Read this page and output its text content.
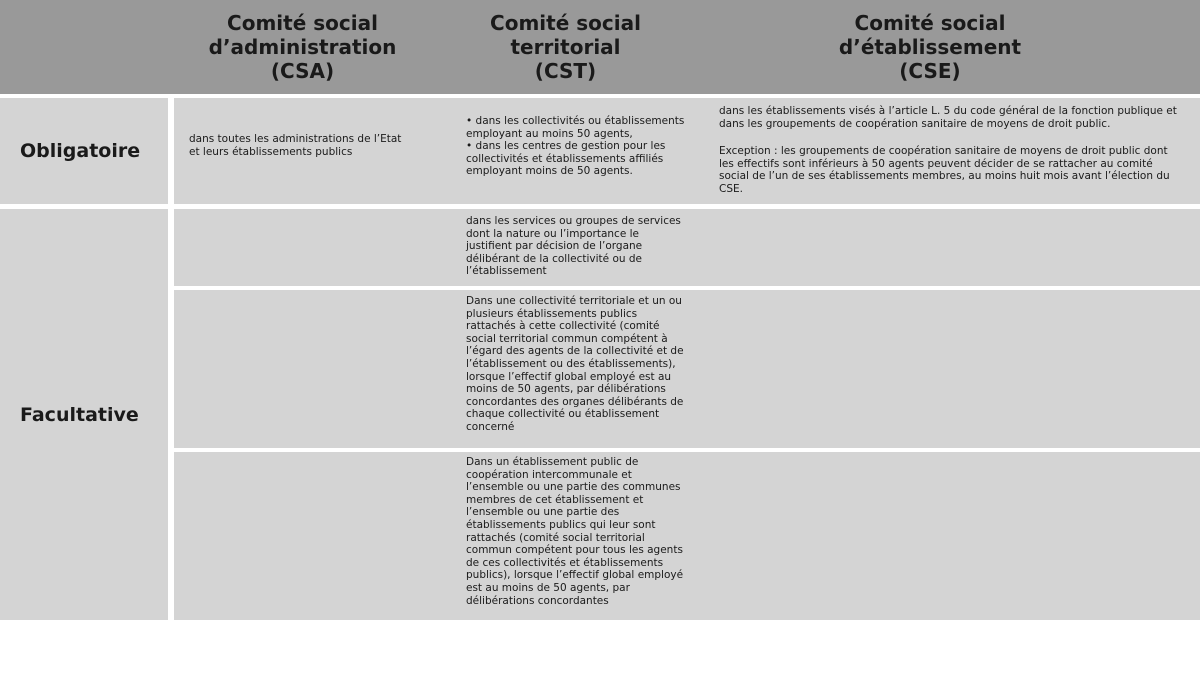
Comité social
d’administration
(CSA)
Comité social
territorial
(CST)
Comité social
d’établissement
(CSE)
Obligatoire
dans toutes les administrations de l’Etat
et leurs établissements publics
• dans les collectivités ou établissements
employant au moins 50 agents,
• dans les centres de gestion pour les
collectivités et établissements affiliés
employant moins de 50 agents.
dans les établissements visés à l’article L. 5 du code général de la fonction publique et
dans les groupements de coopération sanitaire de moyens de droit public.
Exception : les groupements de coopération sanitaire de moyens de droit public dont
les effectifs sont inférieurs à 50 agents peuvent décider de se rattacher au comité
social de l’un de ses établissements membres, au moins huit mois avant l’élection du
CSE.
Facultative
dans les services ou groupes de services
dont la nature ou l’importance le
justifient par décision de l’organe
délibérant de la collectivité ou de
l’établissement
Dans une collectivité territoriale et un ou
plusieurs établissements publics
rattachés à cette collectivité (comité
social territorial commun compétent à
l’égard des agents de la collectivité et de
l’établissement ou des établissements),
lorsque l’effectif global employé est au
moins de 50 agents, par délibérations
concordantes des organes délibérants de
chaque collectivité ou établissement
concerné
Dans un établissement public de
coopération intercommunale et
l’ensemble ou une partie des communes
membres de cet établissement et
l’ensemble ou une partie des
établissements publics qui leur sont
rattachés (comité social territorial
commun compétent pour tous les agents
de ces collectivités et établissements
publics), lorsque l’effectif global employé
est au moins de 50 agents, par
délibérations concordantes
